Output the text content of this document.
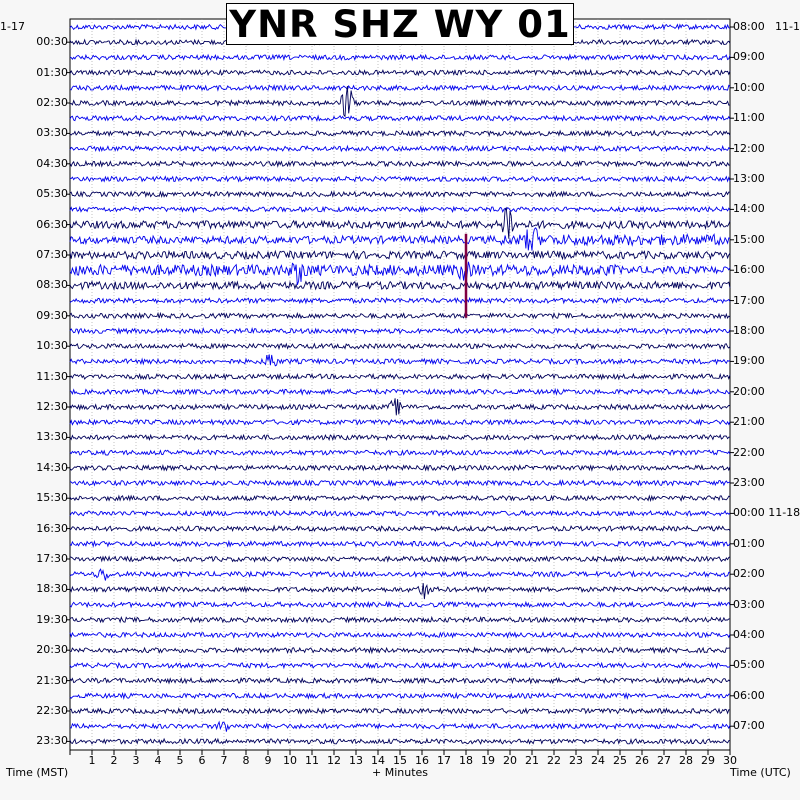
YNR SHZ WY 01
1-17	11-1
Time (MST)	+ Minutes	Time (UTC)
00:30
01:30
02:30
03:30
04:30
05:30
06:30
07:30
08:30
09:30
10:30
11:30
12:30
13:30
14:30
15:30
16:30
17:30
18:30
19:30
20:30
21:30
22:30
23:30
08:00
09:00
10:00
11:00
12:00
13:00
14:00
15:00
16:00
17:00
18:00
19:00
20:00
21:00
22:00
23:00
00:00 11-18
01:00
02:00
03:00
04:00
05:00
06:00
07:00
1	2	3	4	5	6	7	8	9	10 11 12 13 14 15 16 17 18 19 20 21 22 23 24 25 26 27 28 29 30
